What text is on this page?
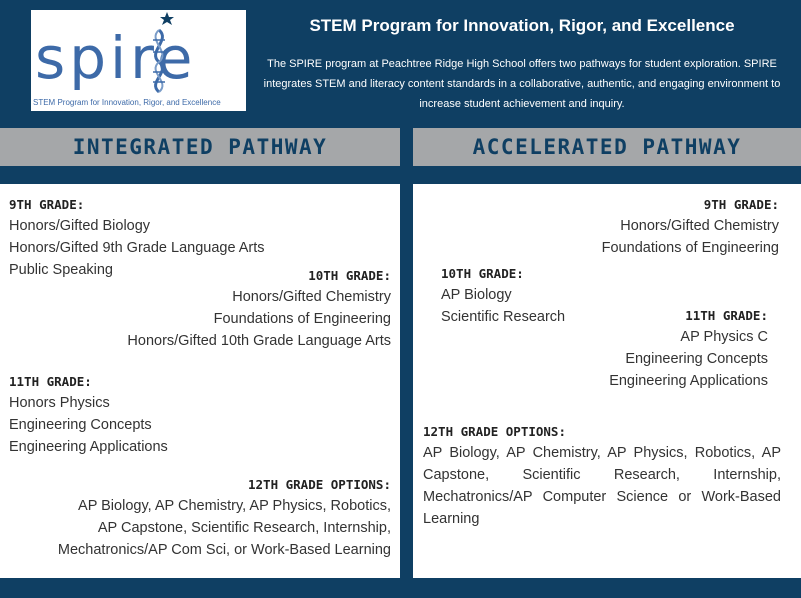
spire
STEM Program for Innovation, Rigor, and Excellence
STEM Program for Innovation, Rigor, and Excellence
The SPIRE program at Peachtree Ridge High School offers two pathways for student exploration. SPIRE integrates STEM and literacy content standards in a collaborative, authentic, and engaging environment to increase student achievement and inquiry.
INTEGRATED PATHWAY	ACCELERATED PATHWAY
9TH GRADE:
Honors/Gifted Biology
Honors/Gifted 9th Grade Language Arts
Public Speaking	10TH GRADE:
Honors/Gifted Chemistry
Foundations of Engineering
Honors/Gifted 10th Grade Language Arts
11TH GRADE:
Honors Physics
Engineering Concepts
Engineering Applications
12TH GRADE OPTIONS:
AP Biology, AP Chemistry, AP Physics, Robotics,
AP Capstone, Scientific Research, Internship,
Mechatronics/AP Com Sci, or Work-Based Learning
9TH GRADE:
Honors/Gifted Chemistry
Foundations of Engineering
10TH GRADE:
AP Biology
Scientific Research	11TH GRADE:
AP Physics C
Engineering Concepts
Engineering Applications
12TH GRADE OPTIONS:
AP Biology, AP Chemistry, AP Physics, Robotics, AP Capstone, Scientific Research, Internship, Mechatronics/AP Computer Science or Work-Based Learning
